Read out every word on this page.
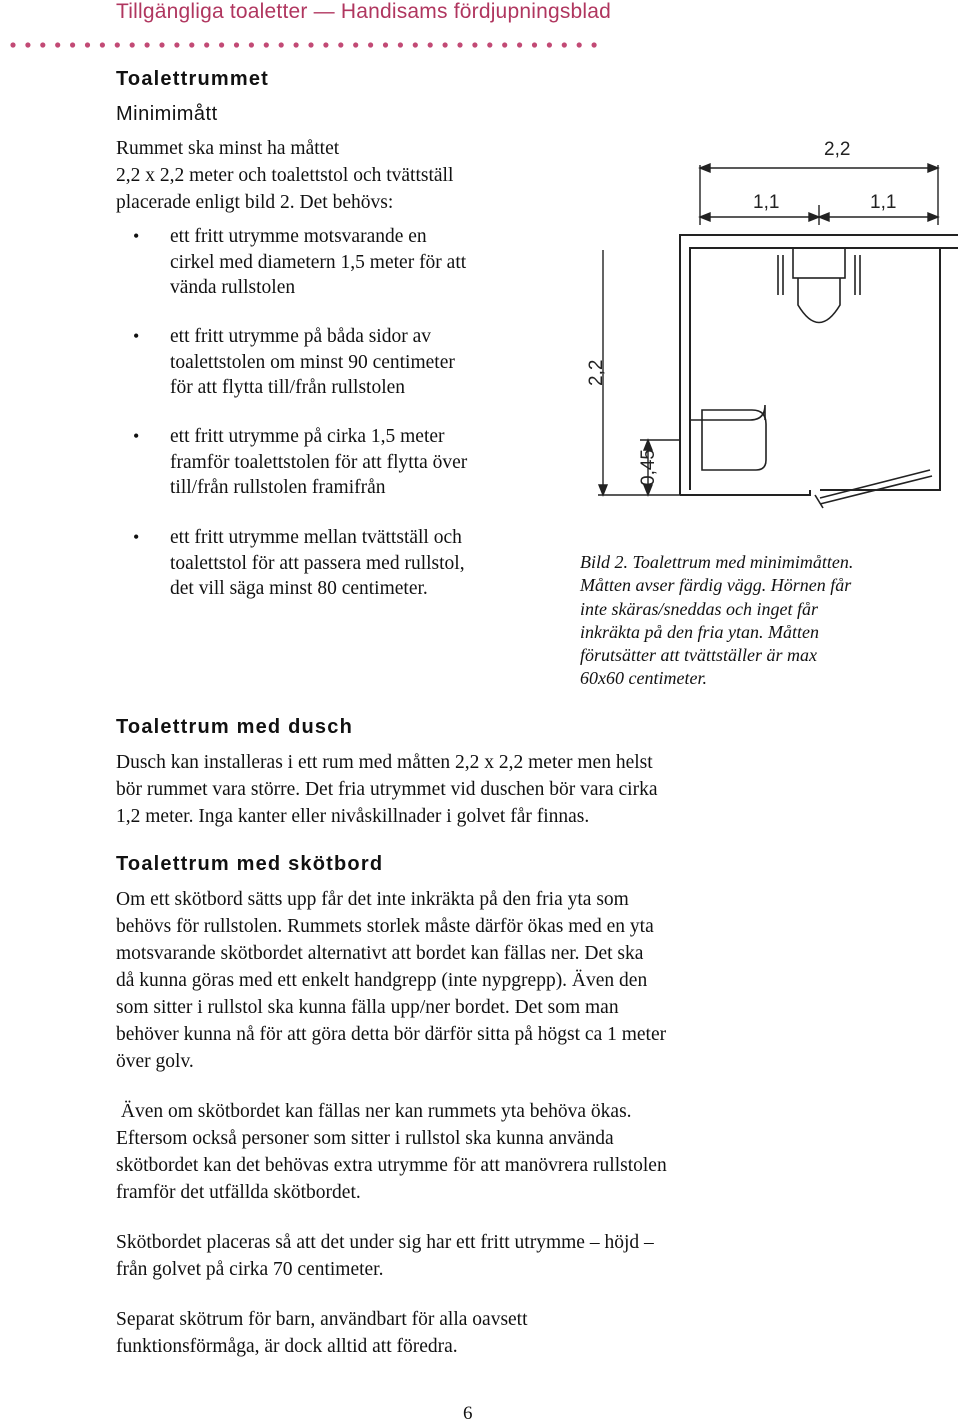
Tillgängliga toaletter — Handisams fördjupningsblad
Toalettrummet
Minimimått
Rummet ska minst ha måttet
2,2 x 2,2 meter och toalettstol och tvättställ
placerade enligt bild 2. Det behövs:
• ett fritt utrymme motsvarande en
cirkel med diametern 1,5 meter för att
vända rullstolen
• ett fritt utrymme på båda sidor av
toalettstolen om minst 90 centimeter
för att flytta till/från rullstolen
• ett fritt utrymme på cirka 1,5 meter
framför toalettstolen för att flytta över
till/från rullstolen framifrån
• ett fritt utrymme mellan tvättställ och
toalettstol för att passera med rullstol,
det vill säga minst 80 centimeter.
2,2
1,1	1,1
2,2
0,45
Bild 2. Toalettrum med minimimåtten.
Måtten avser färdig vägg. Hörnen får
inte skäras/sneddas och inget får
inkräkta på den fria ytan. Måtten
förutsätter att tvättställer är max
60x60 centimeter.
Toalettrum med dusch
Dusch kan installeras i ett rum med måtten 2,2 x 2,2 meter men helst
bör rummet vara större. Det fria utrymmet vid duschen bör vara cirka
1,2 meter. Inga kanter eller nivåskillnader i golvet får finnas.
Toalettrum med skötbord
Om ett skötbord sätts upp får det inte inkräkta på den fria yta som
behövs för rullstolen. Rummets storlek måste därför ökas med en yta
motsvarande skötbordet alternativt att bordet kan fällas ner. Det ska
då kunna göras med ett enkelt handgrepp (inte nypgrepp). Även den
som sitter i rullstol ska kunna fälla upp/ner bordet. Det som man
behöver kunna nå för att göra detta bör därför sitta på högst ca 1 meter
över golv.
Även om skötbordet kan fällas ner kan rummets yta behöva ökas.
Eftersom också personer som sitter i rullstol ska kunna använda
skötbordet kan det behövas extra utrymme för att manövrera rullstolen
framför det utfällda skötbordet.
Skötbordet placeras så att det under sig har ett fritt utrymme – höjd –
från golvet på cirka 70 centimeter.
Separat skötrum för barn, användbart för alla oavsett
funktionsförmåga, är dock alltid att föredra.
6
